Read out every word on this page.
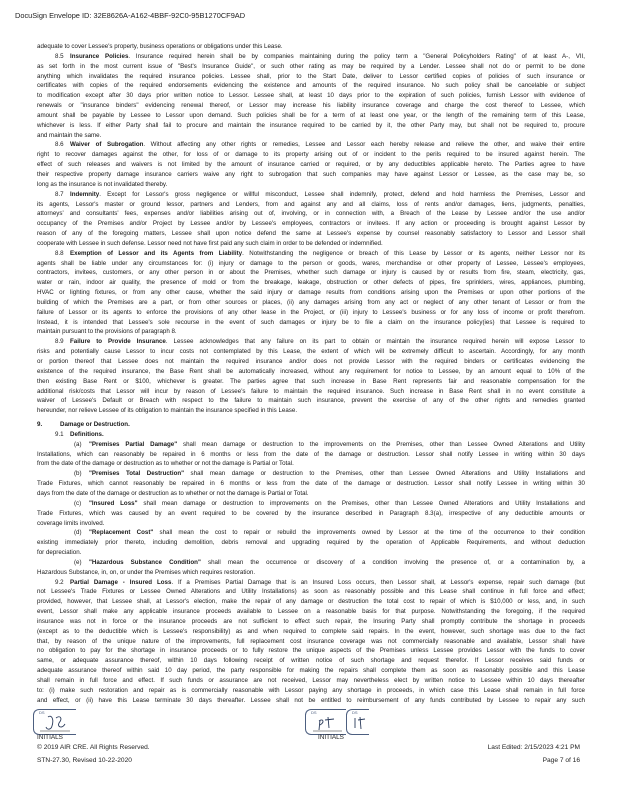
DocuSign Envelope ID: 32E8626A-A162-4BBF-92C0-95B1270CF9AD
adequate to cover Lessee's property, business operations or obligations under this Lease.
8.5 Insurance Policies. Insurance required herein shall be by companies maintaining during the policy term a "General Policyholders Rating" of at least A-, VII,
as set forth in the most current issue of "Best's Insurance Guide", or such other rating as may be required by a Lender. Lessee shall not do or permit to be done
anything which invalidates the required insurance policies. Lessee shall, prior to the Start Date, deliver to Lessor certified copies of policies of such insurance or
certificates with copies of the required endorsements evidencing the existence and amounts of the required insurance. No such policy shall be cancelable or subject
to modification except after 30 days prior written notice to Lessor. Lessee shall, at least 10 days prior to the expiration of such policies, furnish Lessor with evidence of
renewals or "insurance binders" evidencing renewal thereof, or Lessor may increase his liability insurance coverage and charge the cost thereof to Lessee, which
amount shall be payable by Lessee to Lessor upon demand. Such policies shall be for a term of at least one year, or the length of the remaining term of this Lease,
whichever is less. If either Party shall fail to procure and maintain the insurance required to be carried by it, the other Party may, but shall not be required to, procure
and maintain the same.
8.6 Waiver of Subrogation. Without affecting any other rights or remedies, Lessee and Lessor each hereby release and relieve the other, and waive their entire
right to recover damages against the other, for loss of or damage to its property arising out of or incident to the perils required to be insured against herein. The
effect of such releases and waivers is not limited by the amount of insurance carried or required, or by any deductibles applicable hereto. The Parties agree to have
their respective property damage insurance carriers waive any right to subrogation that such companies may have against Lessor or Lessee, as the case may be, so
long as the insurance is not invalidated thereby.
8.7 Indemnity. Except for Lessor's gross negligence or willful misconduct, Lessee shall indemnify, protect, defend and hold harmless the Premises, Lessor and
its agents, Lessor's master or ground lessor, partners and Lenders, from and against any and all claims, loss of rents and/or damages, liens, judgments, penalties,
attorneys' and consultants' fees, expenses and/or liabilities arising out of, involving, or in connection with, a Breach of the Lease by Lessee and/or the use and/or
occupancy of the Premises and/or Project by Lessee and/or by Lessee's employees, contractors or invitees. If any action or proceeding is brought against Lessor by
reason of any of the foregoing matters, Lessee shall upon notice defend the same at Lessee's expense by counsel reasonably satisfactory to Lessor and Lessor shall
cooperate with Lessee in such defense. Lessor need not have first paid any such claim in order to be defended or indemnified.
8.8 Exemption of Lessor and its Agents from Liability. Notwithstanding the negligence or breach of this Lease by Lessor or its agents, neither Lessor nor its
agents shall be liable under any circumstances for: (i) injury or damage to the person or goods, wares, merchandise or other property of Lessee, Lessee's employees,
contractors, invitees, customers, or any other person in or about the Premises, whether such damage or injury is caused by or results from fire, steam, electricity, gas,
water or rain, indoor air quality, the presence of mold or from the breakage, leakage, obstruction or other defects of pipes, fire sprinklers, wires, appliances, plumbing,
HVAC or lighting fixtures, or from any other cause, whether the said injury or damage results from conditions arising upon the Premises or upon other portions of the
building of which the Premises are a part, or from other sources or places, (ii) any damages arising from any act or neglect of any other tenant of Lessor or from the
failure of Lessor or its agents to enforce the provisions of any other lease in the Project, or (iii) injury to Lessee's business or for any loss of income or profit therefrom.
Instead, it is intended that Lessee's sole recourse in the event of such damages or injury be to file a claim on the insurance policy(ies) that Lessee is required to
maintain pursuant to the provisions of paragraph 8.
8.9 Failure to Provide Insurance. Lessee acknowledges that any failure on its part to obtain or maintain the insurance required herein will expose Lessor to
risks and potentially cause Lessor to incur costs not contemplated by this Lease, the extent of which will be extremely difficult to ascertain. Accordingly, for any month
or portion thereof that Lessee does not maintain the required insurance and/or does not provide Lessor with the required binders or certificates evidencing the
existence of the required insurance, the Base Rent shall be automatically increased, without any requirement for notice to Lessee, by an amount equal to 10% of the
then existing Base Rent or $100, whichever is greater. The parties agree that such increase in Base Rent represents fair and reasonable compensation for the
additional risk/costs that Lessor will incur by reason of Lessee's failure to maintain the required insurance. Such increase in Base Rent shall in no event constitute a
waiver of Lessee's Default or Breach with respect to the failure to maintain such insurance, prevent the exercise of any of the other rights and remedies granted
hereunder, nor relieve Lessee of its obligation to maintain the insurance specified in this Lease.
9.	Damage or Destruction.
9.1 Definitions.
(a) "Premises Partial Damage" shall mean damage or destruction to the improvements on the Premises, other than Lessee Owned Alterations and Utility
Installations, which can reasonably be repaired in 6 months or less from the date of the damage or destruction. Lessor shall notify Lessee in writing within 30 days
from the date of the damage or destruction as to whether or not the damage is Partial or Total.
(b) "Premises Total Destruction" shall mean damage or destruction to the Premises, other than Lessee Owned Alterations and Utility Installations and
Trade Fixtures, which cannot reasonably be repaired in 6 months or less from the date of the damage or destruction. Lessor shall notify Lessee in writing within 30
days from the date of the damage or destruction as to whether or not the damage is Partial or Total.
(c) "Insured Loss" shall mean damage or destruction to improvements on the Premises, other than Lessee Owned Alterations and Utility Installations and
Trade Fixtures, which was caused by an event required to be covered by the insurance described in Paragraph 8.3(a), irrespective of any deductible amounts or
coverage limits involved.
(d) "Replacement Cost" shall mean the cost to repair or rebuild the improvements owned by Lessor at the time of the occurrence to their condition
existing immediately prior thereto, including demolition, debris removal and upgrading required by the operation of Applicable Requirements, and without deduction
for depreciation.
(e) "Hazardous Substance Condition" shall mean the occurrence or discovery of a condition involving the presence of, or a contamination by, a
Hazardous Substance, in, on, or under the Premises which requires restoration.
9.2 Partial Damage - Insured Loss. If a Premises Partial Damage that is an Insured Loss occurs, then Lessor shall, at Lessor's expense, repair such damage (but
not Lessee's Trade Fixtures or Lessee Owned Alterations and Utility Installations) as soon as reasonably possible and this Lease shall continue in full force and effect;
provided, however, that Lessee shall, at Lessor's election, make the repair of any damage or destruction the total cost to repair of which is $10,000 or less, and, in such
event, Lessor shall make any applicable insurance proceeds available to Lessee on a reasonable basis for that purpose. Notwithstanding the foregoing, if the required
insurance was not in force or the insurance proceeds are not sufficient to effect such repair, the Insuring Party shall promptly contribute the shortage in proceeds
(except as to the deductible which is Lessee's responsibility) as and when required to complete said repairs. In the event, however, such shortage was due to the fact
that, by reason of the unique nature of the improvements, full replacement cost insurance coverage was not commercially reasonable and available, Lessor shall have
no obligation to pay for the shortage in insurance proceeds or to fully restore the unique aspects of the Premises unless Lessee provides Lessor with the funds to cover
same, or adequate assurance thereof, within 10 days following receipt of written notice of such shortage and request therefor. If Lessor receives said funds or
adequate assurance thereof within said 10 day period, the party responsible for making the repairs shall complete them as soon as reasonably possible and this Lease
shall remain in full force and effect. If such funds or assurance are not received, Lessor may nevertheless elect by written notice to Lessee within 10 days thereafter
to: (i) make such restoration and repair as is commercially reasonable with Lessor paying any shortage in proceeds, in which case this Lease shall remain in full force
and effect, or (ii) have this Lease terminate 30 days thereafter. Lessee shall not be entitled to reimbursement of any funds contributed by Lessee to repair any such
DS
INITIALS
DS	DS
INITIALS
© 2019 AIR CRE. All Rights Reserved.
STN-27.30, Revised 10-22-2020
Last Edited: 2/15/2023 4:21 PM
Page 7 of 16
